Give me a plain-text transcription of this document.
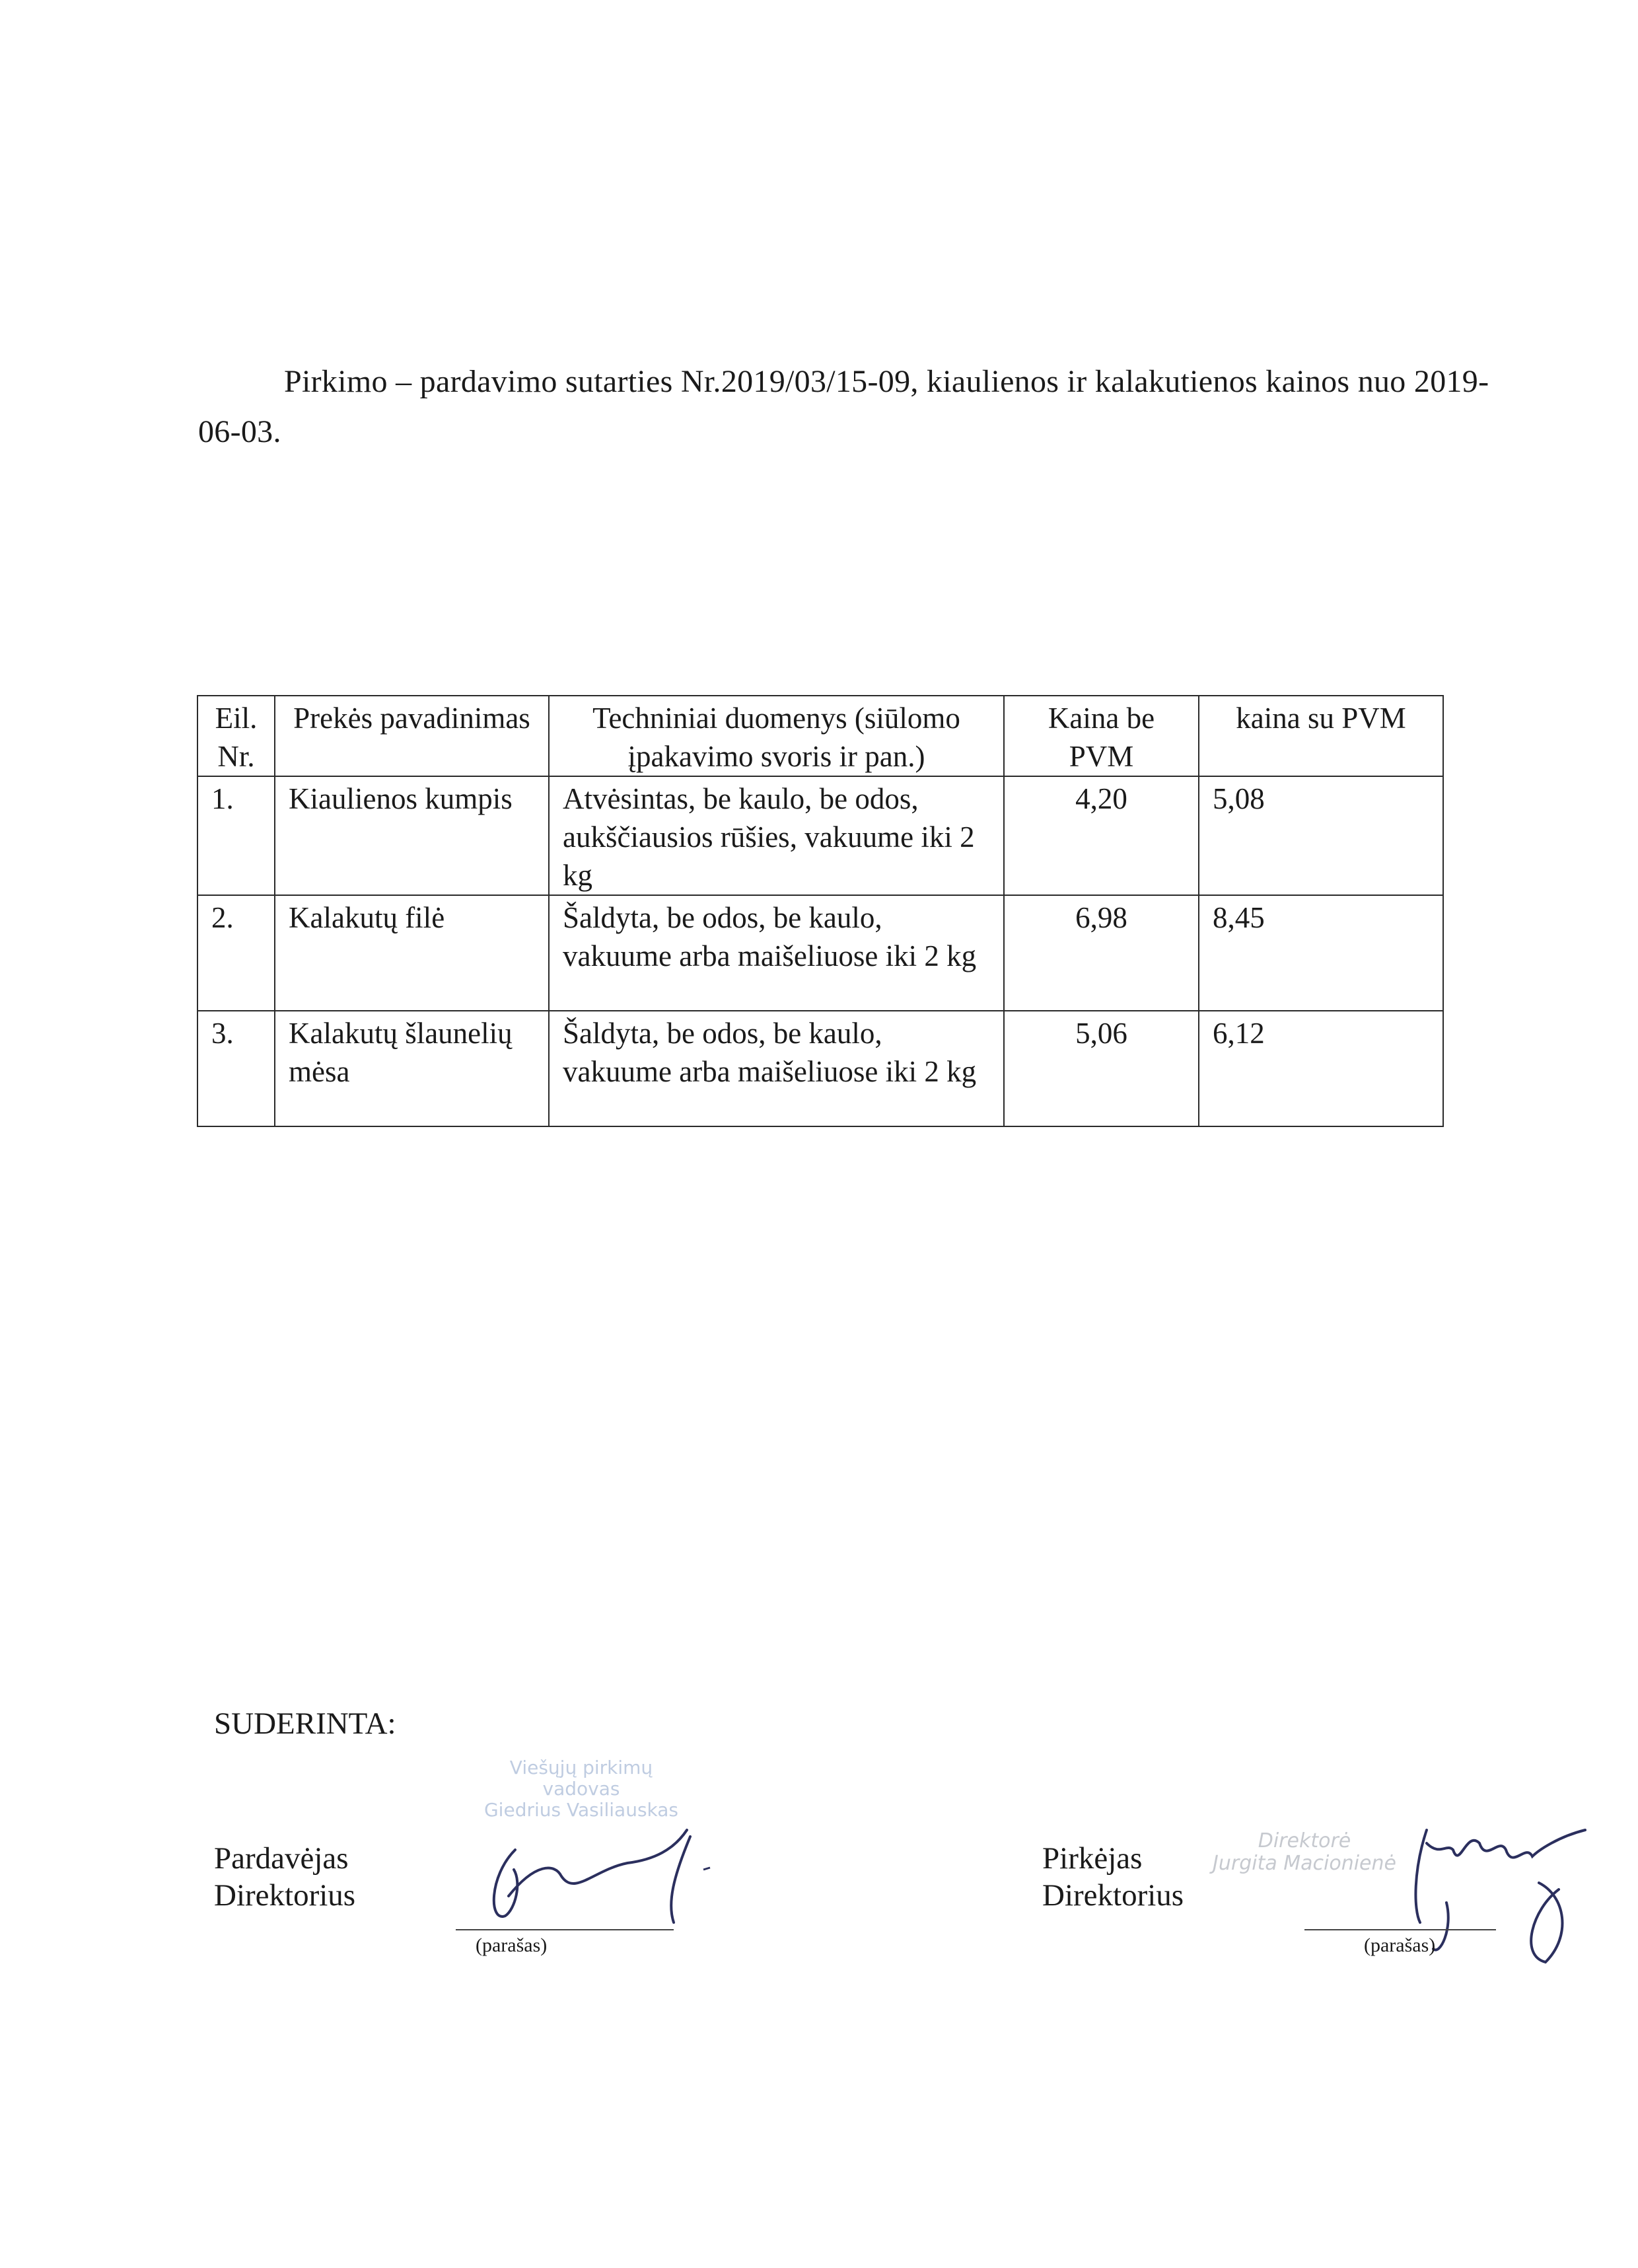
Pirkimo – pardavimo sutarties Nr.2019/03/15-09, kiaulienos ir kalakutienos kainos nuo 2019-06-03.
Eil. Nr.	Prekės pavadinimas	Techniniai duomenys (siūlomo įpakavimo svoris ir pan.)	Kaina be PVM	kaina su PVM
1.	Kiaulienos kumpis	Atvėsintas, be kaulo, be odos, aukščiausios rūšies, vakuume iki 2 kg	4,20	5,08
2.	Kalakutų filė	Šaldyta, be odos, be kaulo, vakuume arba maišeliuose iki 2 kg	6,98	8,45
3.	Kalakutų šlaunelių mėsa	Šaldyta, be odos, be kaulo, vakuume arba maišeliuose iki 2 kg	5,06	6,12
SUDERINTA:
Viešųjų pirkimų
vadovas
Giedrius Vasiliauskas
Pardavėjas
Direktorius
(parašas)
Pirkėjas
Direktorius
Direktorė
Jurgita Macionienė
(parašas)
